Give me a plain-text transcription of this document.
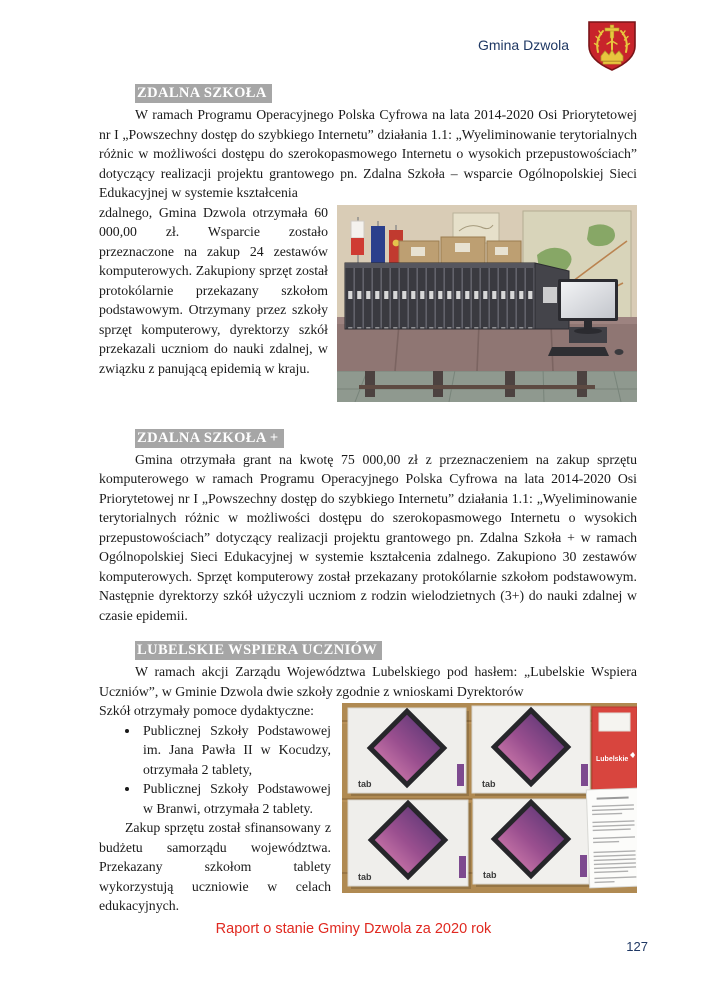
Gmina Dzwola
ZDALNA SZKOŁA

W ramach Programu Operacyjnego Polska Cyfrowa na lata 2014-2020 Osi Priorytetowej nr I „Powszechny dostęp do szybkiego Internetu” działania 1.1: „Wyeliminowanie terytorialnych różnic w możliwości dostępu do szerokopasmowego Internetu o wysokich przepustowościach” dotyczący realizacji projektu grantowego pn. Zdalna Szkoła – wsparcie Ogólnopolskiej Sieci Edukacyjnej w systemie kształcenia

zdalnego, Gmina Dzwola otrzymała 60 000,00 zł. Wsparcie zostało przeznaczone na zakup 24 zestawów komputerowych. Zakupiony sprzęt został protokólarnie przekazany szkołom podstawowym. Otrzymany przez szkoły sprzęt komputerowy, dyrektorzy szkół przekazali uczniom do nauki zdalnej, w związku z panującą epidemią w kraju.

ZDALNA SZKOŁA +

Gmina otrzymała grant na kwotę 75 000,00 zł z przeznaczeniem na zakup sprzętu komputerowego w ramach Programu Operacyjnego Polska Cyfrowa na lata 2014-2020 Osi Priorytetowej nr I „Powszechny dostęp do szybkiego Internetu” działania 1.1: „Wyeliminowanie terytorialnych różnic w możliwości dostępu do szerokopasmowego Internetu o wysokich przepustowościach” dotyczący realizacji projektu grantowego pn. Zdalna Szkoła + w ramach Ogólnopolskiej Sieci Edukacyjnej w systemie kształcenia zdalnego. Zakupiono 30 zestawów komputerowych. Sprzęt komputerowy został przekazany protokólarnie szkołom podstawowym. Następnie dyrektorzy szkół użyczyli uczniom z rodzin wielodzietnych (3+) do nauki zdalnej w czasie epidemii.

LUBELSKIE WSPIERA UCZNIÓW

W ramach akcji Zarządu Województwa Lubelskiego pod hasłem: „Lubelskie Wspiera Uczniów”, w Gminie Dzwola dwie szkoły zgodnie z wnioskami Dyrektorów

Szkół otrzymały pomoce dydaktyczne:

• Publicznej Szkoły Podstawowej im. Jana Pawła II w Kocudzy, otrzymała 2 tablety,
• Publicznej Szkoły Podstawowej w Branwi, otrzymała 2 tablety.

Zakup sprzętu został sfinansowany z budżetu samorządu województwa. Przekazany szkołom tablety wykorzystują uczniowie w celach edukacyjnych.

tab	tab
tab	tab
Lubelskie
Raport o stanie Gminy Dzwola za 2020 rok
127
